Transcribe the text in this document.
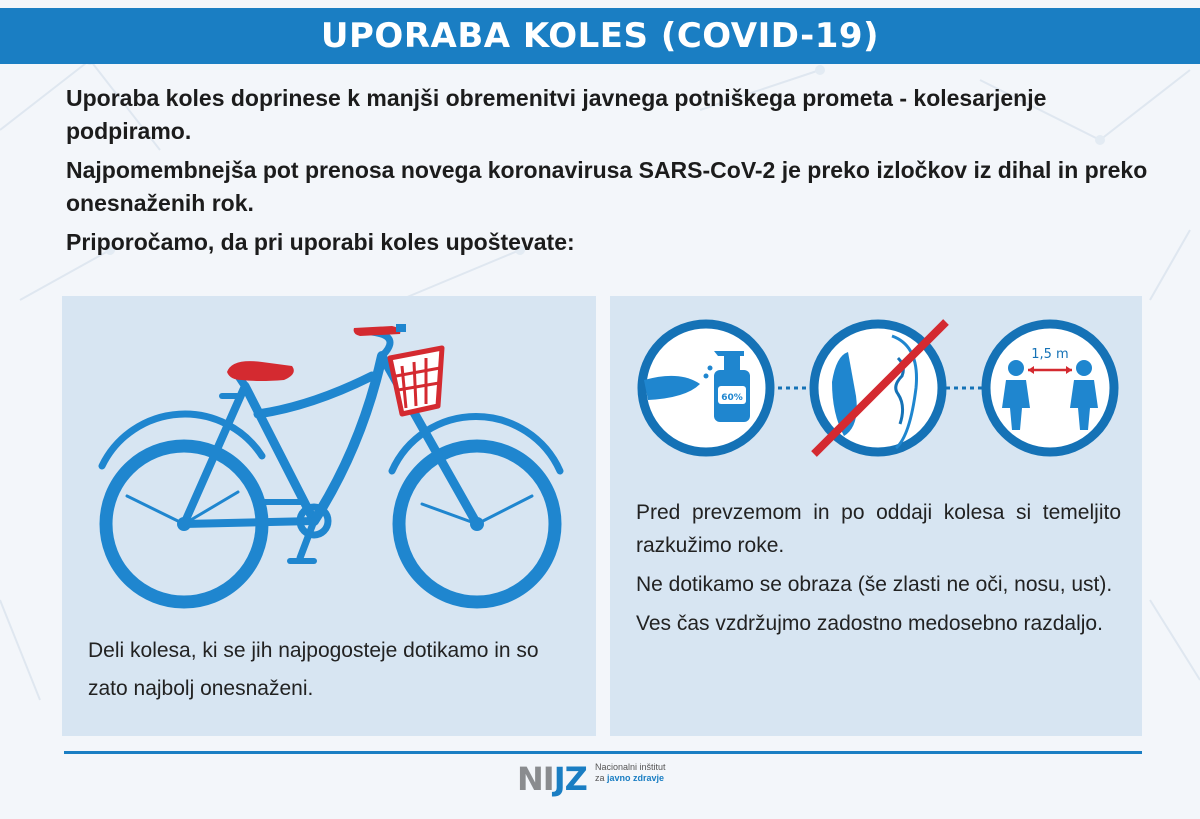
UPORABA KOLES (COVID-19)

Uporaba koles doprinese k manjši obremenitvi javnega potniškega prometa - kolesarjenje podpiramo.

Najpomembnejša pot prenosa novega koronavirusa SARS-CoV-2 je preko izločkov iz dihal in preko onesnaženih rok.

Priporočamo, da pri uporabi koles upoštevate:

Deli kolesa, ki se jih najpogosteje dotikamo in so zato najbolj onesnaženi.
60%
1,5 m

Pred prevzemom in po oddaji kolesa si temeljito razkužimo roke.

Ne dotikamo se obraza (še zlasti ne oči, nosu, ust).

Ves čas vzdržujmo zadostno medosebno razdaljo.

NIJZ Nacionalni inštitut
za javno zdravje
